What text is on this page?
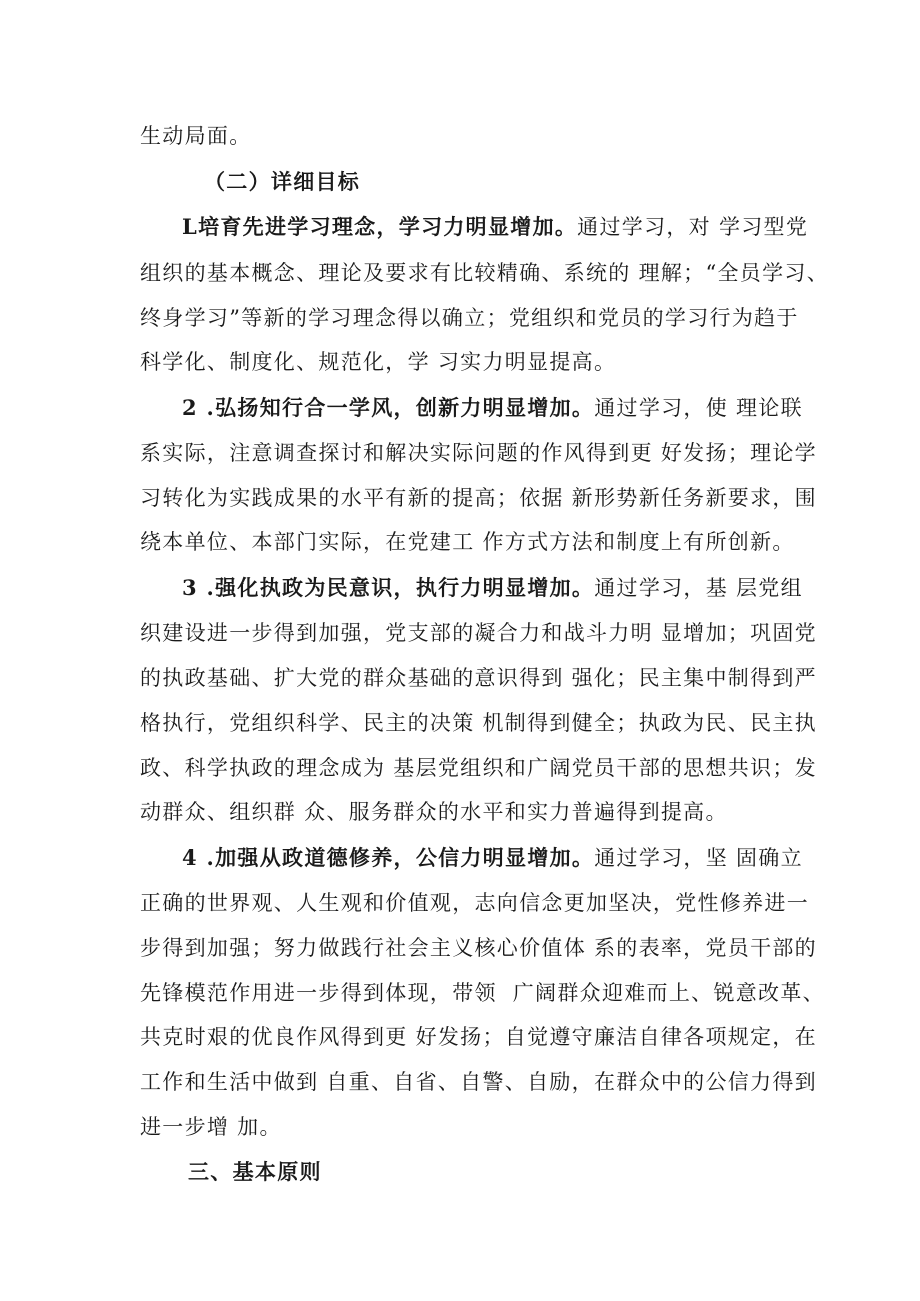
生动局面。
（二）详细目标
L培育先进学习理念，学习力明显增加。通过学习，对 学习型党
组织的基本概念、理论及要求有比较精确、系统的 理解；“全员学习、
终身学习”等新的学习理念得以确立；党组织和党员的学习行为趋于
科学化、制度化、规范化，学 习实力明显提高。
2 .弘扬知行合一学风，创新力明显增加。通过学习，使 理论联
系实际，注意调查探讨和解决实际问题的作风得到更 好发扬；理论学
习转化为实践成果的水平有新的提高；依据 新形势新任务新要求，围
绕本单位、本部门实际，在党建工 作方式方法和制度上有所创新。
3 .强化执政为民意识，执行力明显增加。通过学习，基 层党组
织建设进一步得到加强，党支部的凝合力和战斗力明 显增加；巩固党
的执政基础、扩大党的群众基础的意识得到 强化；民主集中制得到严
格执行，党组织科学、民主的决策 机制得到健全；执政为民、民主执
政、科学执政的理念成为 基层党组织和广阔党员干部的思想共识；发
动群众、组织群 众、服务群众的水平和实力普遍得到提高。
4 .加强从政道德修养，公信力明显增加。通过学习，坚 固确立
正确的世界观、人生观和价值观，志向信念更加坚决，党性修养进一
步得到加强；努力做践行社会主义核心价值体 系的表率，党员干部的
先锋模范作用进一步得到体现，带领  广阔群众迎难而上、锐意改革、
共克时艰的优良作风得到更 好发扬；自觉遵守廉洁自律各项规定，在
工作和生活中做到 自重、自省、自警、自励，在群众中的公信力得到
进一步增 加。
三、基本原则
